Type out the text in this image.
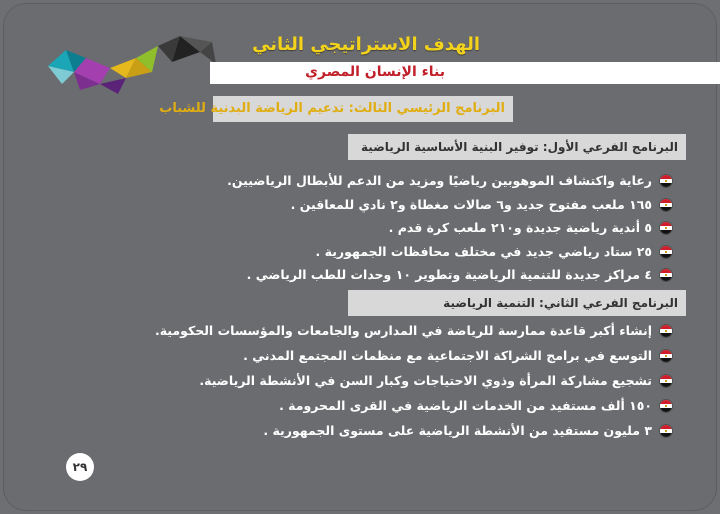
الهدف الاستراتيجي الثاني
بناء الإنسان المصري
البرنامج الرئيسي الثالث: تدعيم الرياضة البدنية للشباب
البرنامج الفرعي الأول: توفير البنية الأساسية الرياضية
رعاية واكتشاف الموهوبين رياضيًا ومزيد من الدعم للأبطال الرياضيين.
١٦٥ ملعب مفتوح جديد و٦ صالات مغطاة و٢ نادي للمعاقين .
٥ أندية رياضية جديدة و٢١٠ ملعب كرة قدم .
٢٥ ستاد رياضي جديد في مختلف محافظات الجمهورية .
٤ مراكز جديدة للتنمية الرياضية وتطوير ١٠ وحدات للطب الرياضي .
البرنامج الفرعي الثاني: التنمية الرياضية
إنشاء أكبر قاعدة ممارسة للرياضة في المدارس والجامعات والمؤسسات الحكومية.
التوسع في برامج الشراكة الاجتماعية مع منظمات المجتمع المدني .
تشجيع مشاركة المرأة وذوي الاحتياجات وكبار السن في الأنشطة الرياضية.
١٥٠ ألف مستفيد من الخدمات الرياضية في القرى المحرومة .
٣ مليون مستفيد من الأنشطة الرياضية على مستوى الجمهورية .
٢٩
